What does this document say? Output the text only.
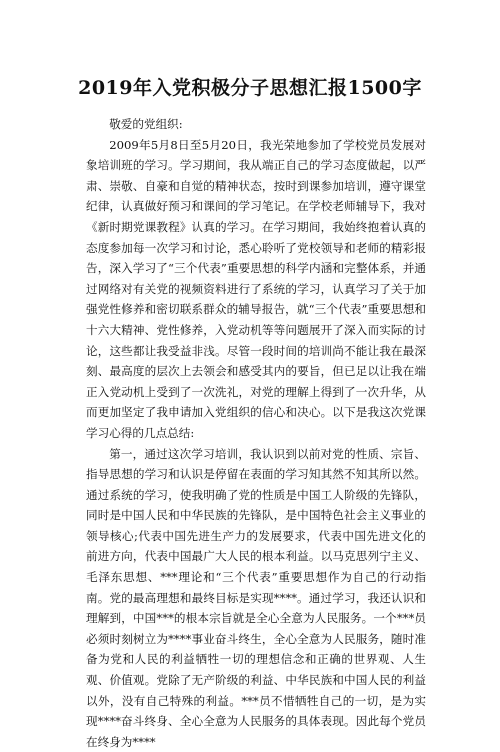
2019年入党积极分子思想汇报1500字

敬爱的党组织:

2009年5月8日至5月20日，我光荣地参加了学校党员发展对象培训班的学习。学习期间，我从端正自己的学习态度做起，以严肃、崇敬、自豪和自觉的精神状态，按时到课参加培训，遵守课堂纪律，认真做好预习和课间的学习笔记。在学校老师辅导下，我对《新时期党课教程》认真的学习。在学习期间，我始终抱着认真的态度参加每一次学习和讨论，悉心聆听了党校领导和老师的精彩报告，深入学习了“三个代表”重要思想的科学内涵和完整体系，并通过网络对有关党的视频资料进行了系统的学习，认真学习了关于加强党性修养和密切联系群众的辅导报告，就“三个代表”重要思想和十六大精神、党性修养，入党动机等等问题展开了深入而实际的讨论，这些都让我受益非浅。尽管一段时间的培训尚不能让我在最深刻、最高度的层次上去领会和感受其内的要旨，但已足以让我在端正入党动机上受到了一次洗礼，对党的理解上得到了一次升华，从而更加坚定了我申请加入党组织的信心和决心。以下是我这次党课学习心得的几点总结:

第一，通过这次学习培训，我认识到以前对党的性质、宗旨、指导思想的学习和认识是停留在表面的学习知其然不知其所以然。通过系统的学习，使我明确了党的性质是中国工人阶级的先锋队，同时是中国人民和中华民族的先锋队，是中国特色社会主义事业的领导核心;代表中国先进生产力的发展要求，代表中国先进文化的前进方向，代表中国最广大人民的根本利益。以马克思列宁主义、毛泽东思想、***理论和“三个代表”重要思想作为自己的行动指南。党的最高理想和最终目标是实现****。通过学习，我还认识和理解到，中国***的根本宗旨就是全心全意为人民服务。一个***员必须时刻树立为****事业奋斗终生，全心全意为人民服务，随时准备为党和人民的利益牺牲一切的理想信念和正确的世界观、人生观、价值观。党除了无产阶级的利益、中华民族和中国人民的利益以外，没有自己特殊的利益。***员不惜牺牲自己的一切，是为实现****奋斗终身、全心全意为人民服务的具体表现。因此每个党员在终身为****
